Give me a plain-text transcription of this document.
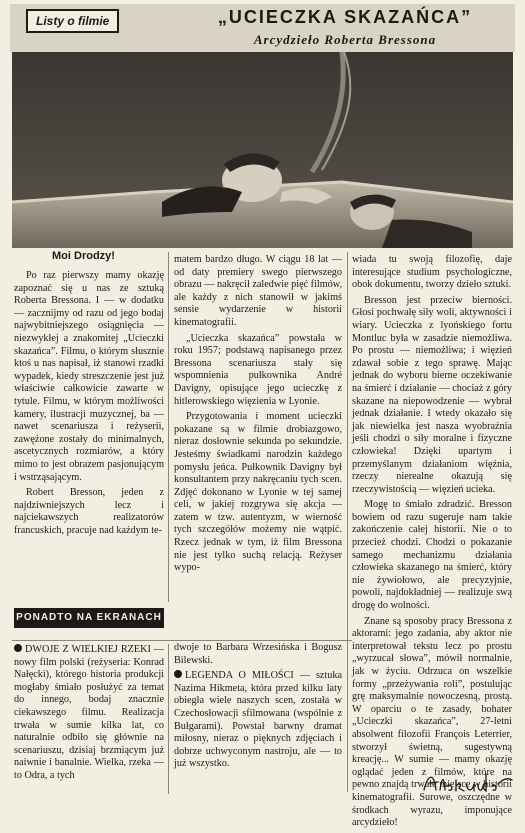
Listy o filmie	„UCIECZKA SKAZAŃCA”
Arcydzieło Roberta Bressona
Moi Drodzy!

Po raz pierwszy mamy okazję zapoznać się u nas ze sztuką Roberta Bressona. I — w dodatku — zacznijmy od razu od jego bodaj najwybitniejszego osiągnięcia — niezwykłej a znakomitej „Ucieczki skazańca”. Filmu, o którym słusznie ktoś u nas napisał, iż stanowi rzadki wypadek, kiedy streszczenie jest już właściwie całkowicie zawarte w tytule. Filmu, w którym możliwości kamery, ilustracji muzycznej, ba — nawet scenariusza i reżyserii, zawężone zostały do minimalnych, ascetycznych rozmiarów, a który mimo to jest obrazem pasjonującym i wstrząsającym.

Robert Bresson, jeden z najdziwniejszych lecz i najciekawszych realizatorów francuskich, pracuje nad każdym te-

matem bardzo długo. W ciągu 18 lat — od daty premiery swego pierwszego obrazu — nakręcił zaledwie pięć filmów, ale każdy z nich stanowił w jakimś sensie wydarzenie w historii kinematografii.

„Ucieczka skazańca” powstała w roku 1957; podstawą napisanego przez Bressona scenariusza stały się wspomnienia pułkownika André Davigny, opisujące jego ucieczkę z hitlerowskiego więzienia w Lyonie.

Przygotowania i moment ucieczki pokazane są w filmie drobiazgowo, nieraz dosłownie sekunda po sekundzie. Jesteśmy świadkami narodzin każdego pomysłu jeńca. Pułkownik Davigny był konsultantem przy nakręcaniu tych scen. Zdjęć dokonano w Lyonie w tej samej celi, w jakiej rozgrywa się akcja — zatem w tzw. autentyzm, w wierność tych szczegółów możemy nie wątpić. Rzecz jednak w tym, iż film Bressona nie jest tylko suchą relacją. Reżyser wypo-

wiada tu swoją filozofię, daje interesujące studium psychologiczne, obok dokumentu, tworzy dzieło sztuki.

Bresson jest przeciw bierności. Głosi pochwałę siły woli, aktywności i wiary. Ucieczka z lyońskiego fortu Montluc była w zasadzie niemożliwa. Po prostu — niemożliwa; i więzień zdawał sobie z tego sprawę. Mając jednak do wyboru bierne oczekiwanie na śmierć i działanie — chociaż z góry skazane na niepowodzenie — wybrał jednak działanie. I wtedy okazało się jak niewielka jest nasza wyobraźnia jeśli chodzi o siły moralne i fizyczne człowieka! Dzięki upartym i przemyślanym działaniom więźnia, rzeczy nierealne okazują się rzeczywistością — więzień ucieka.

Mogę to śmiało zdradzić. Bresson bowiem od razu sugeruje nam takie zakończenie całej historii. Nie o to przecież chodzi. Chodzi o pokazanie samego mechanizmu działania człowieka skazanego na śmierć, który nie żywiołowo, ale precyzyjnie, powoli, najdokładniej — realizuje swą drogę do wolności.

Znane są sposoby pracy Bressona z aktorami: jego zadania, aby aktor nie interpretował tekstu lecz po prostu „wyrzucał słowa”, mówił normalnie, jak w życiu. Odrzuca on wszelkie formy „przeżywania roli”, postulując grę maksymalnie nowoczesną, prostą. W oparciu o te zasady, bohater „Ucieczki skazańca”, 27-letni absolwent filozofii François Leterrier, stworzył świetną, sugestywną kreację... W sumie — mamy okazję oglądać jeden z filmów, które na pewno znajdą trwałe miejsce w historii kinematografii. Surowe, oszczędne w środkach wyrazu, imponujące arcydzieło!

PONADTO NA EKRANACH

DWOJE Z WIELKIEJ RZEKI — nowy film polski (reżyseria: Konrad Nałęcki), którego historia produkcji mogłaby śmiało posłużyć za temat do innego, bodaj znacznie ciekawszego filmu. Realizacja trwała w sumie kilka lat, co naturalnie odbiło się głównie na scenariuszu, dzisiaj brzmiącym już naiwnie i banalnie. Wielka, rzeka — to Odra, a tych

dwoje to Barbara Wrzesińska i Bogusz Bilewski.

LEGENDA O MIŁOŚCI — sztuka Nazima Hikmeta, która przed kilku laty obiegła wiele naszych scen, została w Czechosłowacji sfilmowana (wspólnie z Bułgarami). Powstał barwny dramat miłosny, nieraz o pięknych zdjęciach i dobrze uchwyconym nastroju, ale — to już wszystko.
